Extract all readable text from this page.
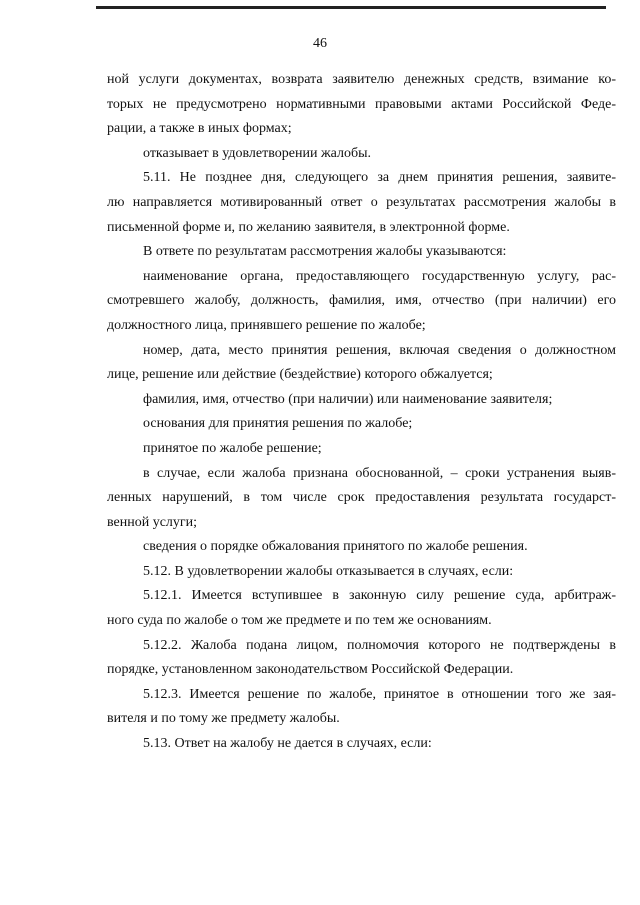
46
ной услуги документах, возврата заявителю денежных средств, взимание ко-
торых не предусмотрено нормативными правовыми актами Российской Феде-
рации, а также в иных формах;
отказывает в удовлетворении жалобы.
5.11. Не позднее дня, следующего за днем принятия решения, заявите-
лю направляется мотивированный ответ о результатах рассмотрения жалобы в
письменной форме и, по желанию заявителя, в электронной форме.
В ответе по результатам рассмотрения жалобы указываются:
наименование органа, предоставляющего государственную услугу, рас-
смотревшего жалобу, должность, фамилия, имя, отчество (при наличии) его
должностного лица, принявшего решение по жалобе;
номер, дата, место принятия решения, включая сведения о должностном
лице, решение или действие (бездействие) которого обжалуется;
фамилия, имя, отчество (при наличии) или наименование заявителя;
основания для принятия решения по жалобе;
принятое по жалобе решение;
в случае, если жалоба признана обоснованной, – сроки устранения выяв-
ленных нарушений, в том числе срок предоставления результата государст-
венной услуги;
сведения о порядке обжалования принятого по жалобе решения.
5.12. В удовлетворении жалобы отказывается в случаях, если:
5.12.1. Имеется вступившее в законную силу решение суда, арбитраж-
ного суда по жалобе о том же предмете и по тем же основаниям.
5.12.2. Жалоба подана лицом, полномочия которого не подтверждены в
порядке, установленном законодательством Российской Федерации.
5.12.3. Имеется решение по жалобе, принятое в отношении того же зая-
вителя и по тому же предмету жалобы.
5.13. Ответ на жалобу не дается в случаях, если:
